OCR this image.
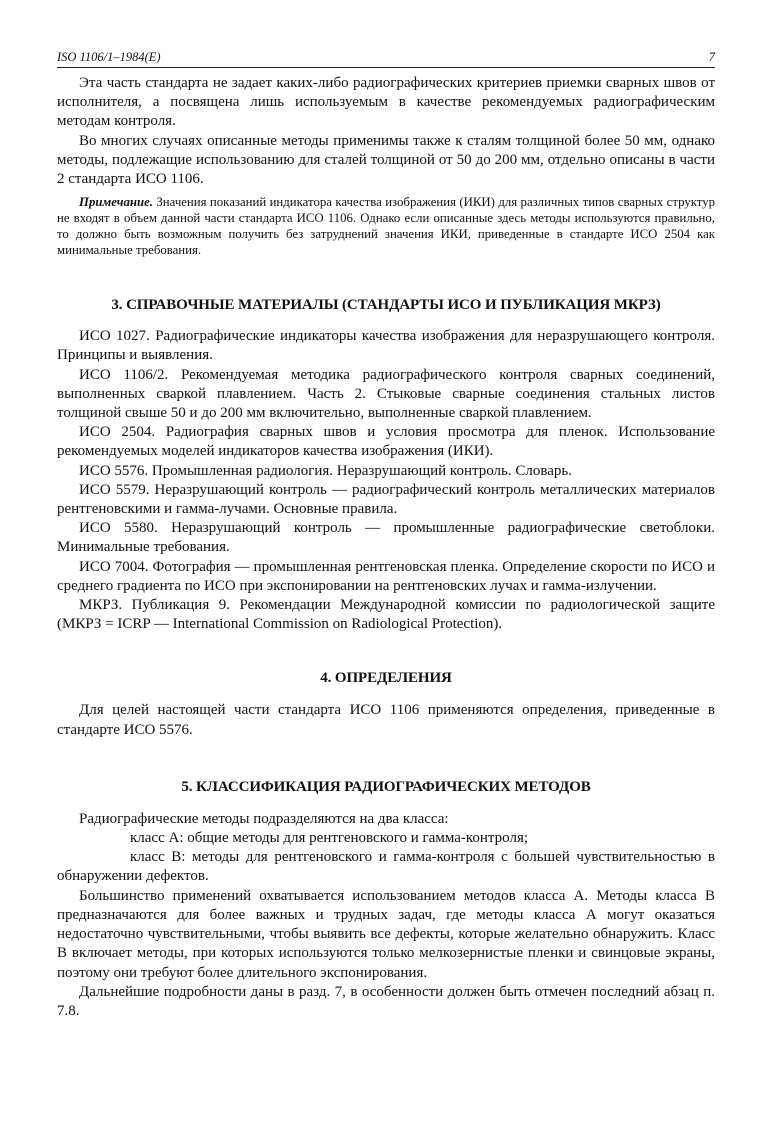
ISO 1106/1–1984(E)	7

Эта часть стандарта не задает каких-либо радиографических критериев приемки сварных швов от исполнителя, а посвящена лишь используемым в качестве рекомендуемых радиографическим методам контроля.

Во многих случаях описанные методы применимы также к сталям толщиной более 50 мм, однако методы, подлежащие использованию для сталей толщиной от 50 до 200 мм, отдельно описаны в части 2 стандарта ИСО 1106.

Примечание. Значения показаний индикатора качества изображения (ИКИ) для различных типов сварных структур не входят в объем данной части стандарта ИСО 1106. Однако если описанные здесь методы используются правильно, то должно быть возможным получить без затруднений значения ИКИ, приведенные в стандарте ИСО 2504 как минимальные требования.
3. СПРАВОЧНЫЕ МАТЕРИАЛЫ (СТАНДАРТЫ ИСО И ПУБЛИКАЦИЯ МКРЗ)

ИСО 1027. Радиографические индикаторы качества изображения для неразрушающего контроля. Принципы и выявления.

ИСО 1106/2. Рекомендуемая методика радиографического контроля сварных соединений, выполненных сваркой плавлением. Часть 2. Стыковые сварные соединения стальных листов толщиной свыше 50 и до 200 мм включительно, выполненные сваркой плавлением.

ИСО 2504. Радиография сварных швов и условия просмотра для пленок. Использование рекомендуемых моделей индикаторов качества изображения (ИКИ).

ИСО 5576. Промышленная радиология. Неразрушающий контроль. Словарь.

ИСО 5579. Неразрушающий контроль — радиографический контроль металлических материалов рентгеновскими и гамма-лучами. Основные правила.

ИСО 5580. Неразрушающий контроль — промышленные радиографические светоблоки. Минимальные требования.

ИСО 7004. Фотография — промышленная рентгеновская пленка. Определение скорости по ИСО и среднего градиента по ИСО при экспонировании на рентгеновских лучах и гамма-излучении.

МКРЗ. Публикация 9. Рекомендации Международной комиссии по радиологической защите (МКРЗ = ICRP — International Commission on Radiological Protection).

4. ОПРЕДЕЛЕНИЯ

Для целей настоящей части стандарта ИСО 1106 применяются определения, приведенные в стандарте ИСО 5576.

5. КЛАССИФИКАЦИЯ РАДИОГРАФИЧЕСКИХ МЕТОДОВ

Радиографические методы подразделяются на два класса:

класс А: общие методы для рентгеновского и гамма-контроля;

класс В: методы для рентгеновского и гамма-контроля с большей чувствительностью в обнаружении дефектов.

Большинство применений охватывается использованием методов класса А. Методы класса В предназначаются для более важных и трудных задач, где методы класса А могут оказаться недостаточно чувствительными, чтобы выявить все дефекты, которые желательно обнаружить. Класс В включает методы, при которых используются только мелкозернистые пленки и свинцовые экраны, поэтому они требуют более длительного экспонирования.

Дальнейшие подробности даны в разд. 7, в особенности должен быть отмечен последний абзац п. 7.8.
